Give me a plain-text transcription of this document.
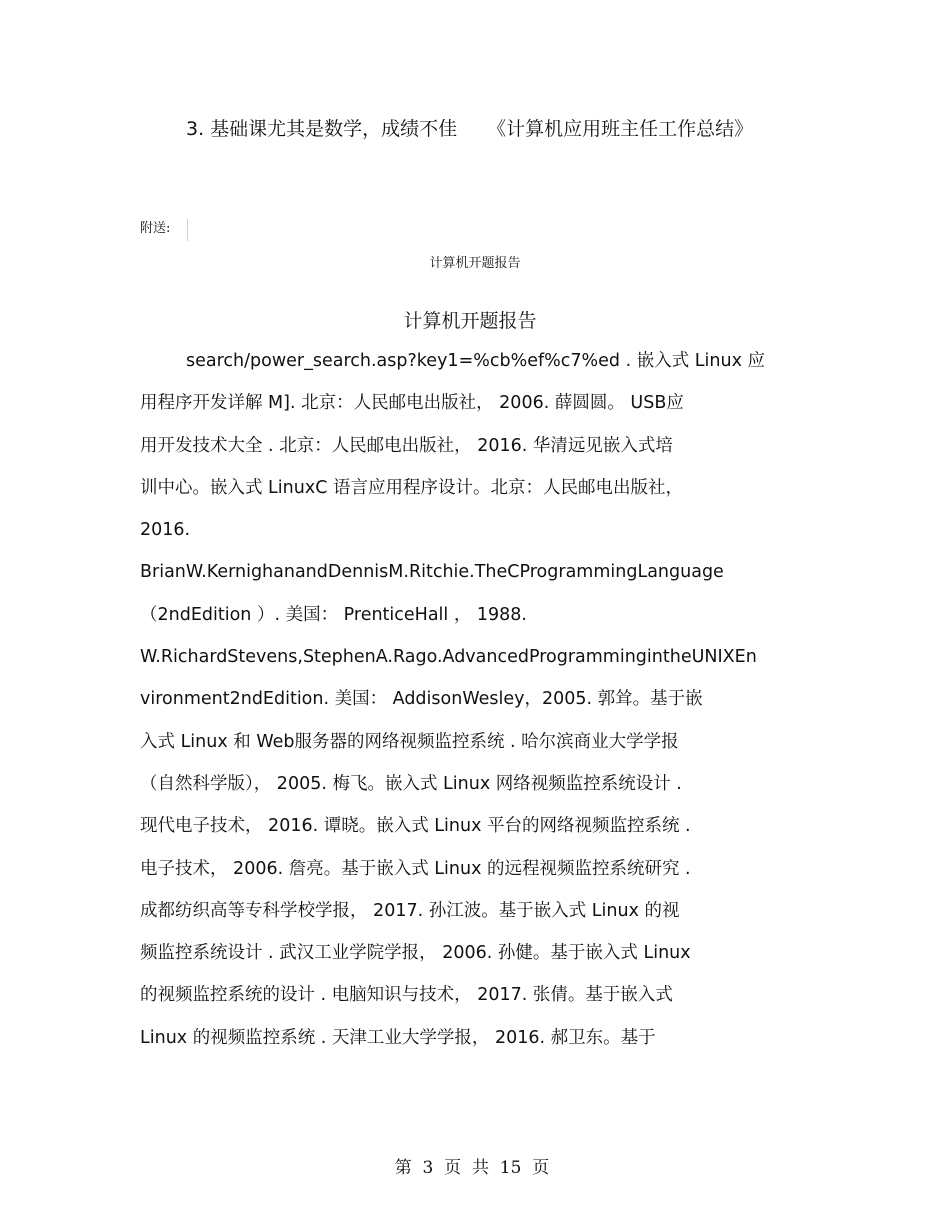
3. 基础课尤其是数学，成绩不佳 《计算机应用班主任工作总结》
附送:
计算机开题报告
计算机开题报告
search/power_search.asp?key1=%cb%ef%c7%ed . 嵌入式 Linux 应
用程序开发详解 M]. 北京：人民邮电出版社， 2006. 薛圆圆。 USB应
用开发技术大全 . 北京：人民邮电出版社， 2016. 华清远见嵌入式培
训中心。嵌入式 LinuxC 语言应用程序设计。北京：人民邮电出版社，
2016.
BrianW.KernighanandDennisM.Ritchie.TheCProgrammingLanguage
（2ndEdition ）. 美国： PrenticeHall ， 1988.
W.RichardStevens,StephenA.Rago.AdvancedProgrammingintheUNIXEn
vironment2ndEdition. 美国： AddisonWesley，2005. 郭耸。基于嵌
入式 Linux 和 Web服务器的网络视频监控系统 . 哈尔滨商业大学学报
（自然科学版）， 2005. 梅飞。嵌入式 Linux 网络视频监控系统设计 .
现代电子技术， 2016. 谭晓。嵌入式 Linux 平台的网络视频监控系统 .
电子技术， 2006. 詹亮。基于嵌入式 Linux 的远程视频监控系统研究 .
成都纺织高等专科学校学报， 2017. 孙江波。基于嵌入式 Linux 的视
频监控系统设计 . 武汉工业学院学报， 2006. 孙健。基于嵌入式 Linux
的视频监控系统的设计 . 电脑知识与技术， 2017. 张倩。基于嵌入式
Linux 的视频监控系统 . 天津工业大学学报， 2016. 郝卫东。基于
第  3  页  共  15  页
